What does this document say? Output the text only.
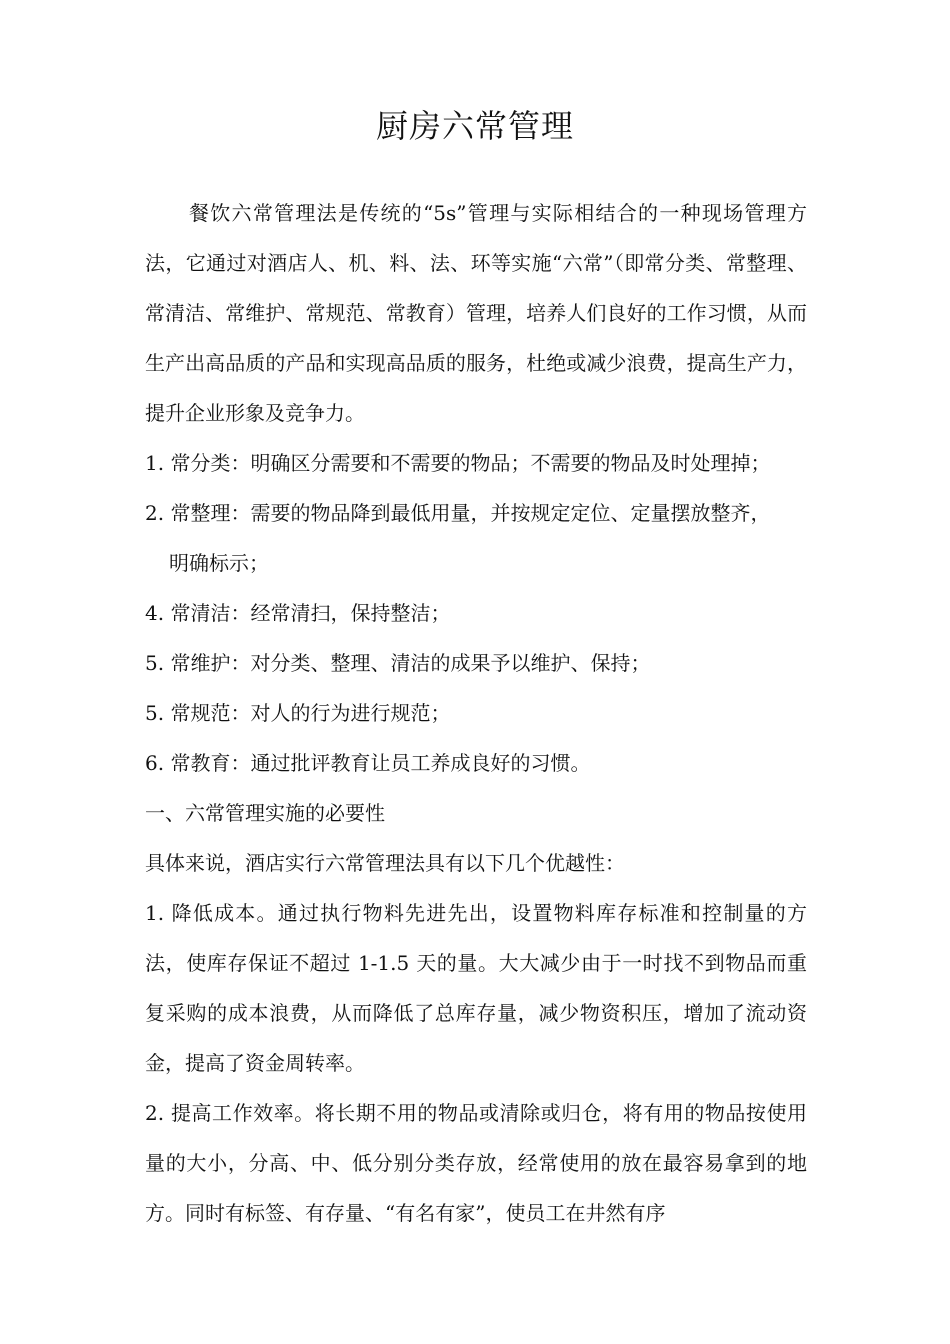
厨房六常管理

餐饮六常管理法是传统的“5s”管理与实际相结合的一种现场管理方法，它通过对酒店人、机、料、法、环等实施“六常”（即常分类、常整理、常清洁、常维护、常规范、常教育）管理，培养人们良好的工作习惯，从而生产出高品质的产品和实现高品质的服务，杜绝或减少浪费，提高生产力，提升企业形象及竞争力。

1. 常分类：明确区分需要和不需要的物品；不需要的物品及时处理掉；

2. 常整理：需要的物品降到最低用量，并按规定定位、定量摆放整齐，

明确标示；

4. 常清洁：经常清扫，保持整洁；

5. 常维护：对分类、整理、清洁的成果予以维护、保持；

5. 常规范：对人的行为进行规范；

6. 常教育：通过批评教育让员工养成良好的习惯。

一、六常管理实施的必要性

具体来说，酒店实行六常管理法具有以下几个优越性：

1. 降低成本。通过执行物料先进先出，设置物料库存标准和控制量的方法，使库存保证不超过 1-1.5 天的量。大大减少由于一时找不到物品而重复采购的成本浪费，从而降低了总库存量，减少物资积压，增加了流动资金，提高了资金周转率。

2. 提高工作效率。将长期不用的物品或清除或归仓，将有用的物品按使用量的大小，分高、中、低分别分类存放，经常使用的放在最容易拿到的地方。同时有标签、有存量、“有名有家”，使员工在井然有序
